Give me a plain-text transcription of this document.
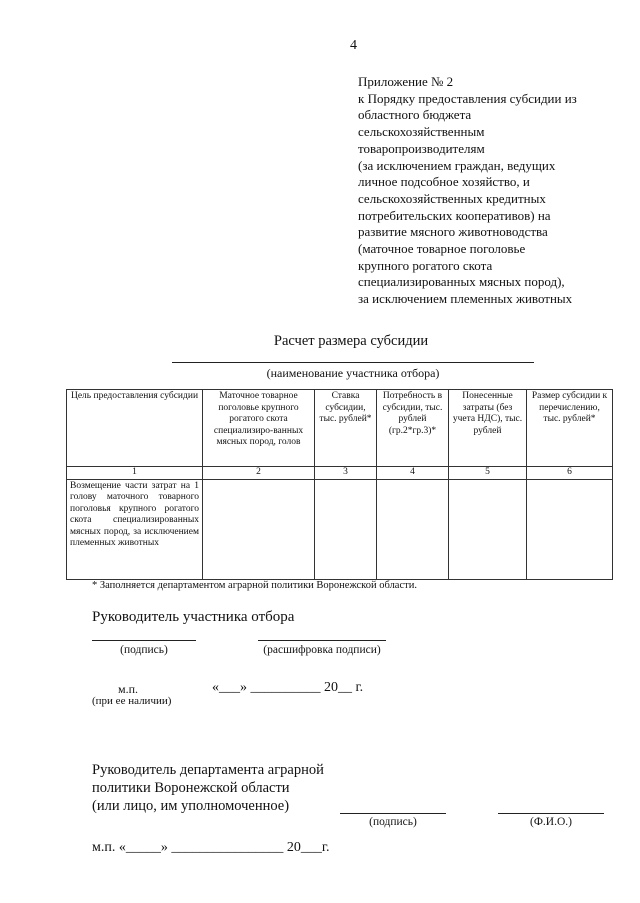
4
Приложение № 2
к Порядку предоставления субсидии из
областного бюджета
сельскохозяйственным
товаропроизводителям
(за исключением граждан, ведущих
личное подсобное хозяйство, и
сельскохозяйственных кредитных
потребительских кооперативов) на
развитие мясного животноводства
(маточное товарное поголовье
крупного рогатого скота
специализированных мясных пород),
за исключением племенных животных
Расчет размера субсидии
(наименование участника отбора)
Цель предоставления субсидии	Маточное товарное поголовье крупного рогатого скота специализиро-ванных мясных пород, голов	Ставка субсидии, тыс. рублей*	Потребность в субсидии, тыс. рублей (гр.2*гр.3)*	Понесенные затраты (без учета НДС), тыс. рублей	Размер субсидии к перечислению, тыс. рублей*
1	2	3	4	5	6
Возмещение части затрат на 1 голову маточного товарного поголовья крупного рогатого скота специализированных мясных пород, за исключением племенных животных					
* Заполняется департаментом аграрной политики Воронежской области.
Руководитель участника отбора
(подпись)	(расшифровка подписи)
м.п.
(при ее наличии)
«___» __________ 20__ г.
Руководитель департамента аграрной
политики Воронежской области
(или лицо, им уполномоченное)
(подпись)	(Ф.И.О.)
м.п. «_____» ________________ 20___г.
